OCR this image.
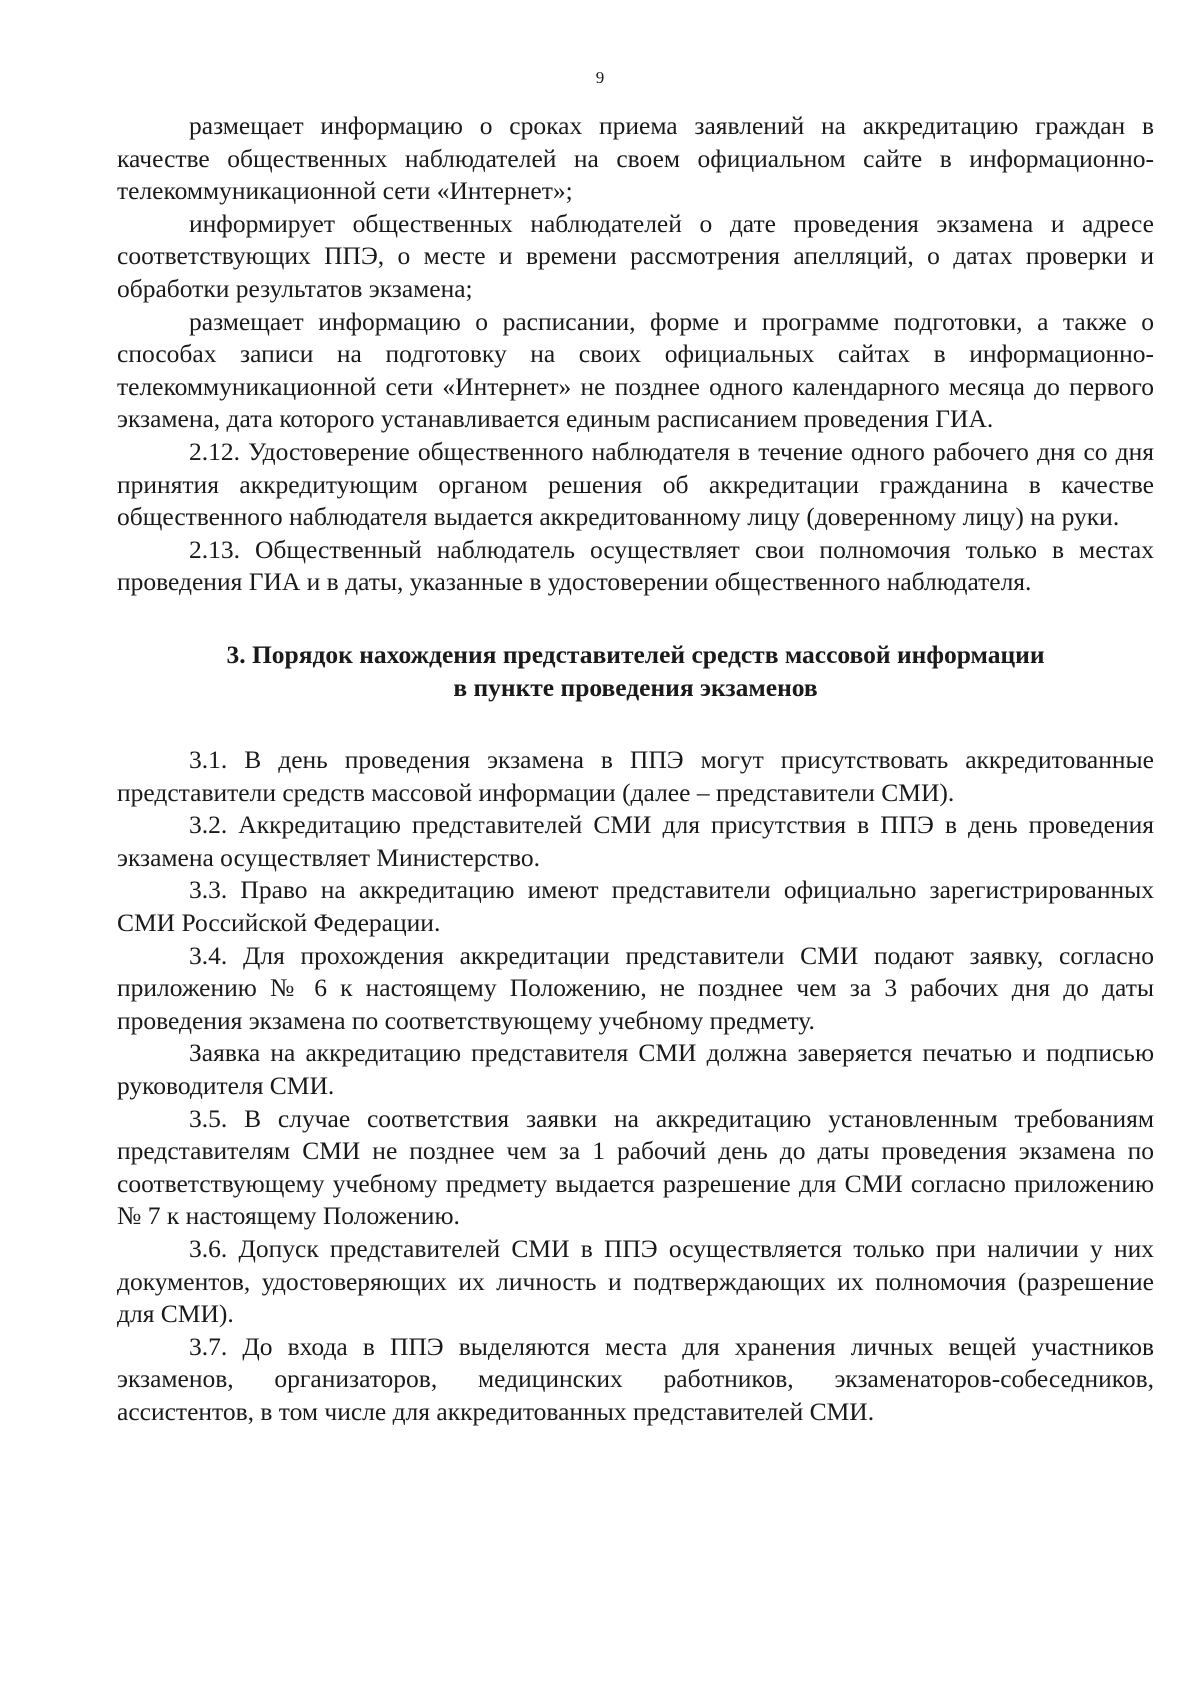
9

размещает информацию о сроках приема заявлений на аккредитацию граждан в качестве общественных наблюдателей на своем официальном сайте в информационно-телекоммуникационной сети «Интернет»;

информирует общественных наблюдателей о дате проведения экзамена и адресе соответствующих ППЭ, о месте и времени рассмотрения апелляций, о датах проверки и обработки результатов экзамена;

размещает информацию о расписании, форме и программе подготовки, а также о способах записи на подготовку на своих официальных сайтах в информационно-телекоммуникационной сети «Интернет» не позднее одного календарного месяца до первого экзамена, дата которого устанавливается единым расписанием проведения ГИА.

2.12. Удостоверение общественного наблюдателя в течение одного рабочего дня со дня принятия аккредитующим органом решения об аккредитации гражданина в качестве общественного наблюдателя выдается аккредитованному лицу (доверенному лицу) на руки.

2.13. Общественный наблюдатель осуществляет свои полномочия только в местах проведения ГИА и в даты, указанные в удостоверении общественного наблюдателя.

3. Порядок нахождения представителей средств массовой информации
в пункте проведения экзаменов

3.1. В день проведения экзамена в ППЭ могут присутствовать аккредитованные представители средств массовой информации (далее – представители СМИ).

3.2. Аккредитацию представителей СМИ для присутствия в ППЭ в день проведения экзамена осуществляет Министерство.

3.3. Право на аккредитацию имеют представители официально зарегистрированных СМИ Российской Федерации.

3.4. Для прохождения аккредитации представители СМИ подают заявку, согласно приложению № 6 к настоящему Положению, не позднее чем за 3 рабочих дня до даты проведения экзамена по соответствующему учебному предмету.

Заявка на аккредитацию представителя СМИ должна заверяется печатью и подписью руководителя СМИ.

3.5. В случае соответствия заявки на аккредитацию установленным требованиям представителям СМИ не позднее чем за 1 рабочий день до даты проведения экзамена по соответствующему учебному предмету выдается разрешение для СМИ согласно приложению № 7 к настоящему Положению.

3.6. Допуск представителей СМИ в ППЭ осуществляется только при наличии у них документов, удостоверяющих их личность и подтверждающих их полномочия (разрешение для СМИ).

3.7. До входа в ППЭ выделяются места для хранения личных вещей участников экзаменов, организаторов, медицинских работников, экзаменаторов-собеседников, ассистентов, в том числе для аккредитованных представителей СМИ.
